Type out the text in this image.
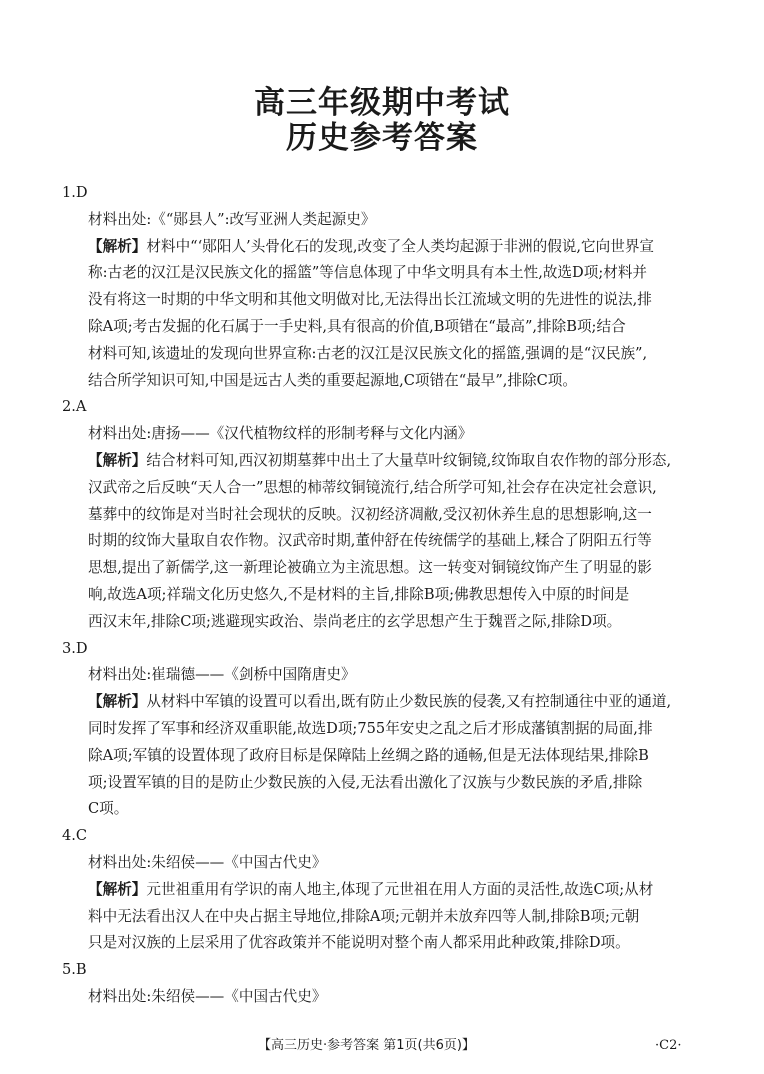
高三年级期中考试
历史参考答案
1.D
材料出处:《“郧县人”:改写亚洲人类起源史》
【解析】材料中“‘郧阳人’头骨化石的发现,改变了全人类均起源于非洲的假说,它向世界宣
称:古老的汉江是汉民族文化的摇篮”等信息体现了中华文明具有本土性,故选D项;材料并
没有将这一时期的中华文明和其他文明做对比,无法得出长江流域文明的先进性的说法,排
除A项;考古发掘的化石属于一手史料,具有很高的价值,B项错在“最高”,排除B项;结合
材料可知,该遗址的发现向世界宣称:古老的汉江是汉民族文化的摇篮,强调的是“汉民族”,
结合所学知识可知,中国是远古人类的重要起源地,C项错在“最早”,排除C项。
2.A
材料出处:唐扬——《汉代植物纹样的形制考释与文化内涵》
【解析】结合材料可知,西汉初期墓葬中出土了大量草叶纹铜镜,纹饰取自农作物的部分形态,
汉武帝之后反映“天人合一”思想的柿蒂纹铜镜流行,结合所学可知,社会存在决定社会意识,
墓葬中的纹饰是对当时社会现状的反映。汉初经济凋敝,受汉初休养生息的思想影响,这一
时期的纹饰大量取自农作物。汉武帝时期,董仲舒在传统儒学的基础上,糅合了阴阳五行等
思想,提出了新儒学,这一新理论被确立为主流思想。这一转变对铜镜纹饰产生了明显的影
响,故选A项;祥瑞文化历史悠久,不是材料的主旨,排除B项;佛教思想传入中原的时间是
西汉末年,排除C项;逃避现实政治、崇尚老庄的玄学思想产生于魏晋之际,排除D项。
3.D
材料出处:崔瑞德——《剑桥中国隋唐史》
【解析】从材料中军镇的设置可以看出,既有防止少数民族的侵袭,又有控制通往中亚的通道,
同时发挥了军事和经济双重职能,故选D项;755年安史之乱之后才形成藩镇割据的局面,排
除A项;军镇的设置体现了政府目标是保障陆上丝绸之路的通畅,但是无法体现结果,排除B
项;设置军镇的目的是防止少数民族的入侵,无法看出激化了汉族与少数民族的矛盾,排除
C项。
4.C
材料出处:朱绍侯——《中国古代史》
【解析】元世祖重用有学识的南人地主,体现了元世祖在用人方面的灵活性,故选C项;从材
料中无法看出汉人在中央占据主导地位,排除A项;元朝并未放弃四等人制,排除B项;元朝
只是对汉族的上层采用了优容政策并不能说明对整个南人都采用此种政策,排除D项。
5.B
材料出处:朱绍侯——《中国古代史》
【高三历史·参考答案 第1页(共6页)】	·C2·
